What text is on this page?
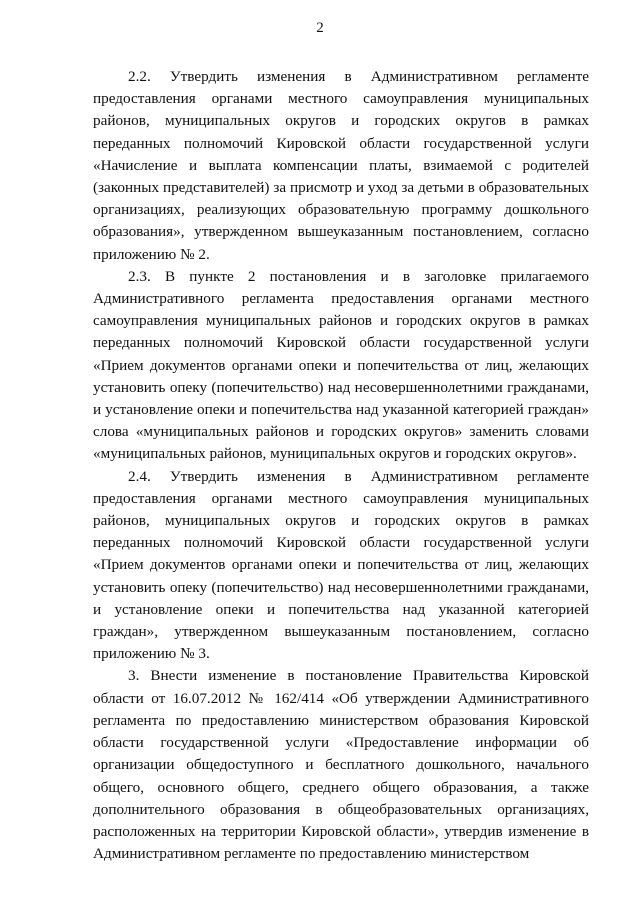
2

2.2. Утвердить изменения в Административном регламенте предоставления органами местного самоуправления муниципальных районов, муниципальных округов и городских округов в рамках переданных полномочий Кировской области государственной услуги «Начисление и выплата компенсации платы, взимаемой с родителей (законных представителей) за присмотр и уход за детьми в образовательных организациях, реализующих образовательную программу дошкольного образования», утвержденном вышеуказанным постановлением, согласно приложению № 2.

2.3. В пункте 2 постановления и в заголовке прилагаемого Административного регламента предоставления органами местного самоуправления муниципальных районов и городских округов в рамках переданных полномочий Кировской области государственной услуги «Прием документов органами опеки и попечительства от лиц, желающих установить опеку (попечительство) над несовершеннолетними гражданами, и установление опеки и попечительства над указанной категорией граждан» слова «муниципальных районов и городских округов» заменить словами «муниципальных районов, муниципальных округов и городских округов».

2.4. Утвердить изменения в Административном регламенте предоставления органами местного самоуправления муниципальных районов, муниципальных округов и городских округов в рамках переданных полномочий Кировской области государственной услуги «Прием документов органами опеки и попечительства от лиц, желающих установить опеку (попечительство) над несовершеннолетними гражданами, и установление опеки и попечительства над указанной категорией граждан», утвержденном вышеуказанным постановлением, согласно приложению № 3.

3. Внести изменение в постановление Правительства Кировской области от 16.07.2012 № 162/414 «Об утверждении Административного регламента по предоставлению министерством образования Кировской области государственной услуги «Предоставление информации об организации общедоступного и бесплатного дошкольного, начального общего, основного общего, среднего общего образования, а также дополнительного образования в общеобразовательных организациях, расположенных на территории Кировской области», утвердив изменение в Административном регламенте по предоставлению министерством
